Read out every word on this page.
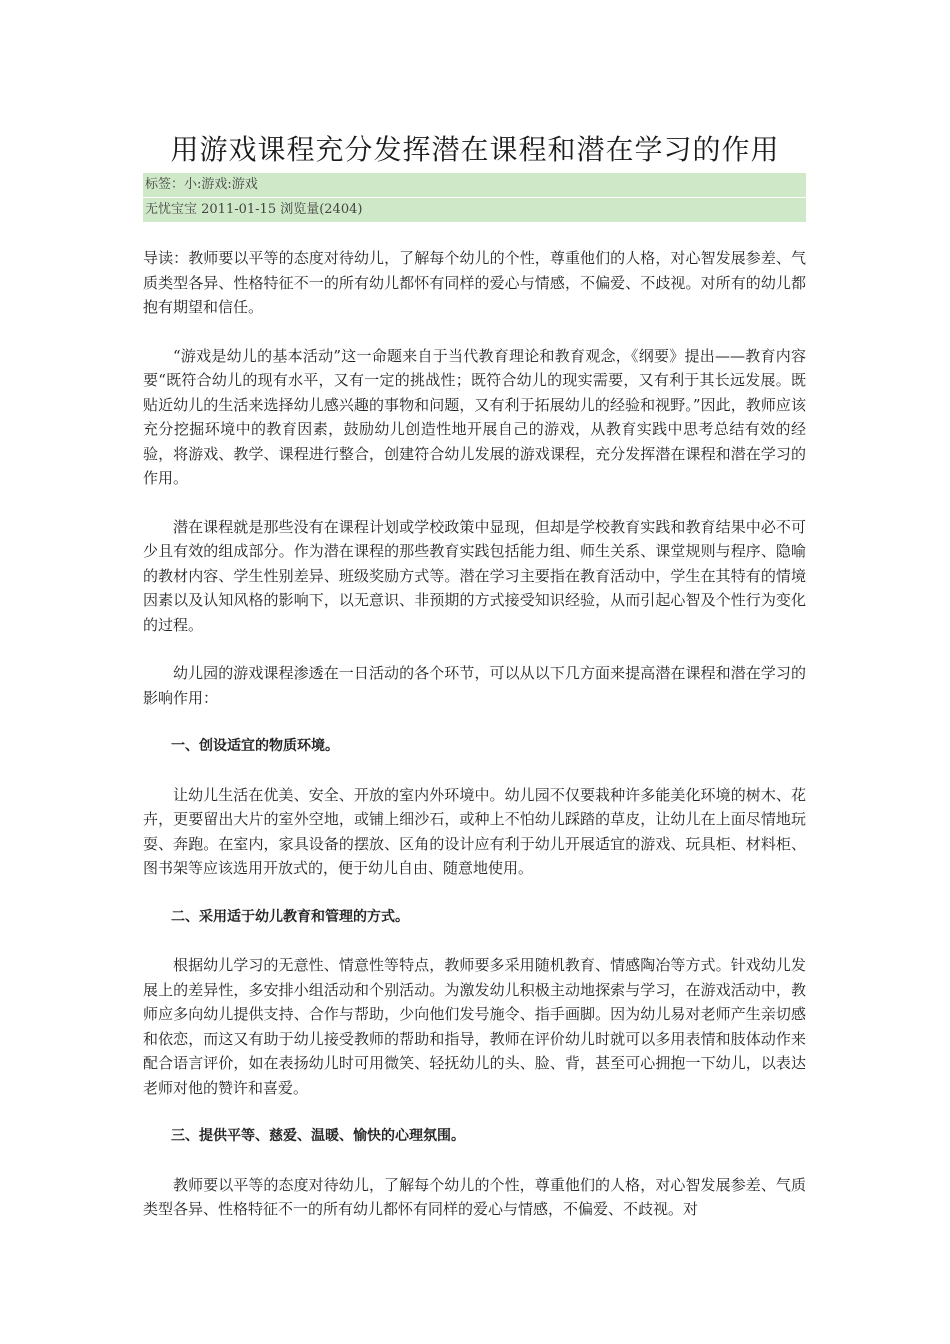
用游戏课程充分发挥潜在课程和潜在学习的作用
标签：小:游戏:游戏
无忧宝宝 2011-01-15 浏览量(2404)

导读：教师要以平等的态度对待幼儿，了解每个幼儿的个性，尊重他们的人格，对心智发展参差、气质类型各异、性格特征不一的所有幼儿都怀有同样的爱心与情感，不偏爱、不歧视。对所有的幼儿都抱有期望和信任。

“游戏是幼儿的基本活动”这一命题来自于当代教育理论和教育观念，《纲要》提出——教育内容要“既符合幼儿的现有水平，又有一定的挑战性；既符合幼儿的现实需要，又有利于其长远发展。既贴近幼儿的生活来选择幼儿感兴趣的事物和问题，又有利于拓展幼儿的经验和视野。”因此，教师应该充分挖掘环境中的教育因素，鼓励幼儿创造性地开展自己的游戏，从教育实践中思考总结有效的经验，将游戏、教学、课程进行整合，创建符合幼儿发展的游戏课程，充分发挥潜在课程和潜在学习的作用。

潜在课程就是那些没有在课程计划或学校政策中显现，但却是学校教育实践和教育结果中必不可少且有效的组成部分。作为潜在课程的那些教育实践包括能力组、师生关系、课堂规则与程序、隐喻的教材内容、学生性别差异、班级奖励方式等。潜在学习主要指在教育活动中，学生在其特有的情境因素以及认知风格的影响下，以无意识、非预期的方式接受知识经验，从而引起心智及个性行为变化的过程。

幼儿园的游戏课程渗透在一日活动的各个环节，可以从以下几方面来提高潜在课程和潜在学习的影响作用：

一、创设适宜的物质环境。

让幼儿生活在优美、安全、开放的室内外环境中。幼儿园不仅要栽种许多能美化环境的树木、花卉，更要留出大片的室外空地，或铺上细沙石，或种上不怕幼儿踩踏的草皮，让幼儿在上面尽情地玩耍、奔跑。在室内，家具设备的摆放、区角的设计应有利于幼儿开展适宜的游戏、玩具柜、材料柜、图书架等应该选用开放式的，便于幼儿自由、随意地使用。

二、采用适于幼儿教育和管理的方式。

根据幼儿学习的无意性、情意性等特点，教师要多采用随机教育、情感陶冶等方式。针戏幼儿发展上的差异性，多安排小组活动和个别活动。为激发幼儿积极主动地探索与学习，在游戏活动中，教师应多向幼儿提供支持、合作与帮助，少向他们发号施令、指手画脚。因为幼儿易对老师产生亲切感和依恋，而这又有助于幼儿接受教师的帮助和指导，教师在评价幼儿时就可以多用表情和肢体动作来配合语言评价，如在表扬幼儿时可用微笑、轻抚幼儿的头、脸、背，甚至可心拥抱一下幼儿，以表达老师对他的赞许和喜爱。

三、提供平等、慈爱、温暖、愉快的心理氛围。

教师要以平等的态度对待幼儿，了解每个幼儿的个性，尊重他们的人格，对心智发展参差、气质类型各异、性格特征不一的所有幼儿都怀有同样的爱心与情感，不偏爱、不歧视。对
